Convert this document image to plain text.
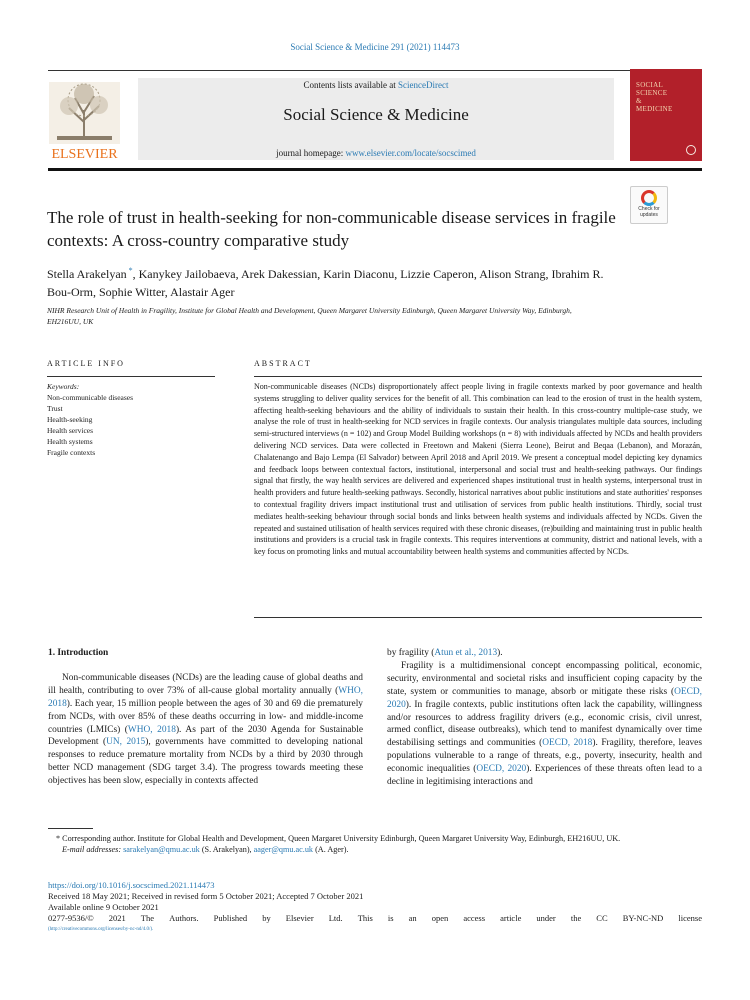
Social Science & Medicine 291 (2021) 114473
ELSEVIER
Contents lists available at ScienceDirect
Social Science & Medicine
journal homepage: www.elsevier.com/locate/socscimed
SOCIAL
SCIENCE
&
MEDICINE
Check for
updates
The role of trust in health-seeking for non-communicable disease services in fragile contexts: A cross-country comparative study
Stella Arakelyan *, Kanykey Jailobaeva, Arek Dakessian, Karin Diaconu, Lizzie Caperon, Alison Strang, Ibrahim R. Bou-Orm, Sophie Witter, Alastair Ager
NIHR Research Unit of Health in Fragility, Institute for Global Health and Development, Queen Margaret University Edinburgh, Queen Margaret University Way, Edinburgh, EH216UU, UK
ARTICLE INFO	ABSTRACT
Keywords:
Non-communicable diseases
Trust
Health-seeking
Health services
Health systems
Fragile contexts
Non-communicable diseases (NCDs) disproportionately affect people living in fragile contexts marked by poor governance and health systems struggling to deliver quality services for the benefit of all. This combination can lead to the erosion of trust in the health system, affecting health-seeking behaviours and the ability of individuals to sustain their health. In this cross-country multiple-case study, we analyse the role of trust in health-seeking for NCD services in fragile contexts. Our analysis triangulates multiple data sources, including semi-structured interviews (n = 102) and Group Model Building workshops (n = 8) with individuals affected by NCDs and health providers delivering NCD services. Data were collected in Freetown and Makeni (Sierra Leone), Beirut and Beqaa (Lebanon), and Morazán, Chalatenango and Bajo Lempa (El Salvador) between April 2018 and April 2019. We present a conceptual model depicting key dynamics and feedback loops between contextual factors, institutional, interpersonal and social trust and health-seeking pathways. Our findings signal that firstly, the way health services are delivered and experienced shapes institutional trust in health systems, interpersonal trust in health providers and future health-seeking pathways. Secondly, historical narratives about public institutions and state authorities' responses to contextual fragility drivers impact institutional trust and utilisation of services from public health institutions. Thirdly, social trust mediates health-seeking behaviour through social bonds and links between health systems and individuals affected by NCDs. Given the repeated and sustained utilisation of health services required with these chronic diseases, (re)building and maintaining trust in public health institutions and providers is a crucial task in fragile contexts. This requires interventions at community, district and national levels, with a key focus on promoting links and mutual accountability between health systems and communities affected by NCDs.
1. Introduction

Non-communicable diseases (NCDs) are the leading cause of global deaths and ill health, contributing to over 73% of all-cause global mortality annually (WHO, 2018). Each year, 15 million people between the ages of 30 and 69 die prematurely from NCDs, with over 85% of these deaths occurring in low- and middle-income countries (LMICs) (WHO, 2018). As part of the 2030 Agenda for Sustainable Development (UN, 2015), governments have committed to developing national responses to reduce premature mortality from NCDs by a third by 2030 through better NCD management (SDG target 3.4). The progress towards meeting these objectives has been slow, especially in contexts affected

by fragility (Atun et al., 2013).

Fragility is a multidimensional concept encompassing political, economic, security, environmental and societal risks and insufficient coping capacity by the state, system or communities to manage, absorb or mitigate these risks (OECD, 2020). In fragile contexts, public institutions often lack the capability, willingness and/or resources to address fragility drivers (e.g., economic crisis, civil unrest, armed conflict, disease outbreaks), which tend to manifest dynamically over time destabilising settings and communities (OECD, 2018). Fragility, therefore, leaves populations vulnerable to a range of threats, e.g., poverty, insecurity, health and economic inequalities (OECD, 2020). Experiences of these threats often lead to a decline in legitimising interactions and

* Corresponding author. Institute for Global Health and Development, Queen Margaret University Edinburgh, Queen Margaret University Way, Edinburgh, EH216UU, UK.
E-mail addresses: sarakelyan@qmu.ac.uk (S. Arakelyan), aager@qmu.ac.uk (A. Ager).
https://doi.org/10.1016/j.socscimed.2021.114473
Received 18 May 2021; Received in revised form 5 October 2021; Accepted 7 October 2021
Available online 9 October 2021
0277-9536/© 2021 The Authors. Published by Elsevier Ltd. This is an open access article under the CC BY-NC-ND license
(http://creativecommons.org/licenses/by-nc-nd/4.0/).
